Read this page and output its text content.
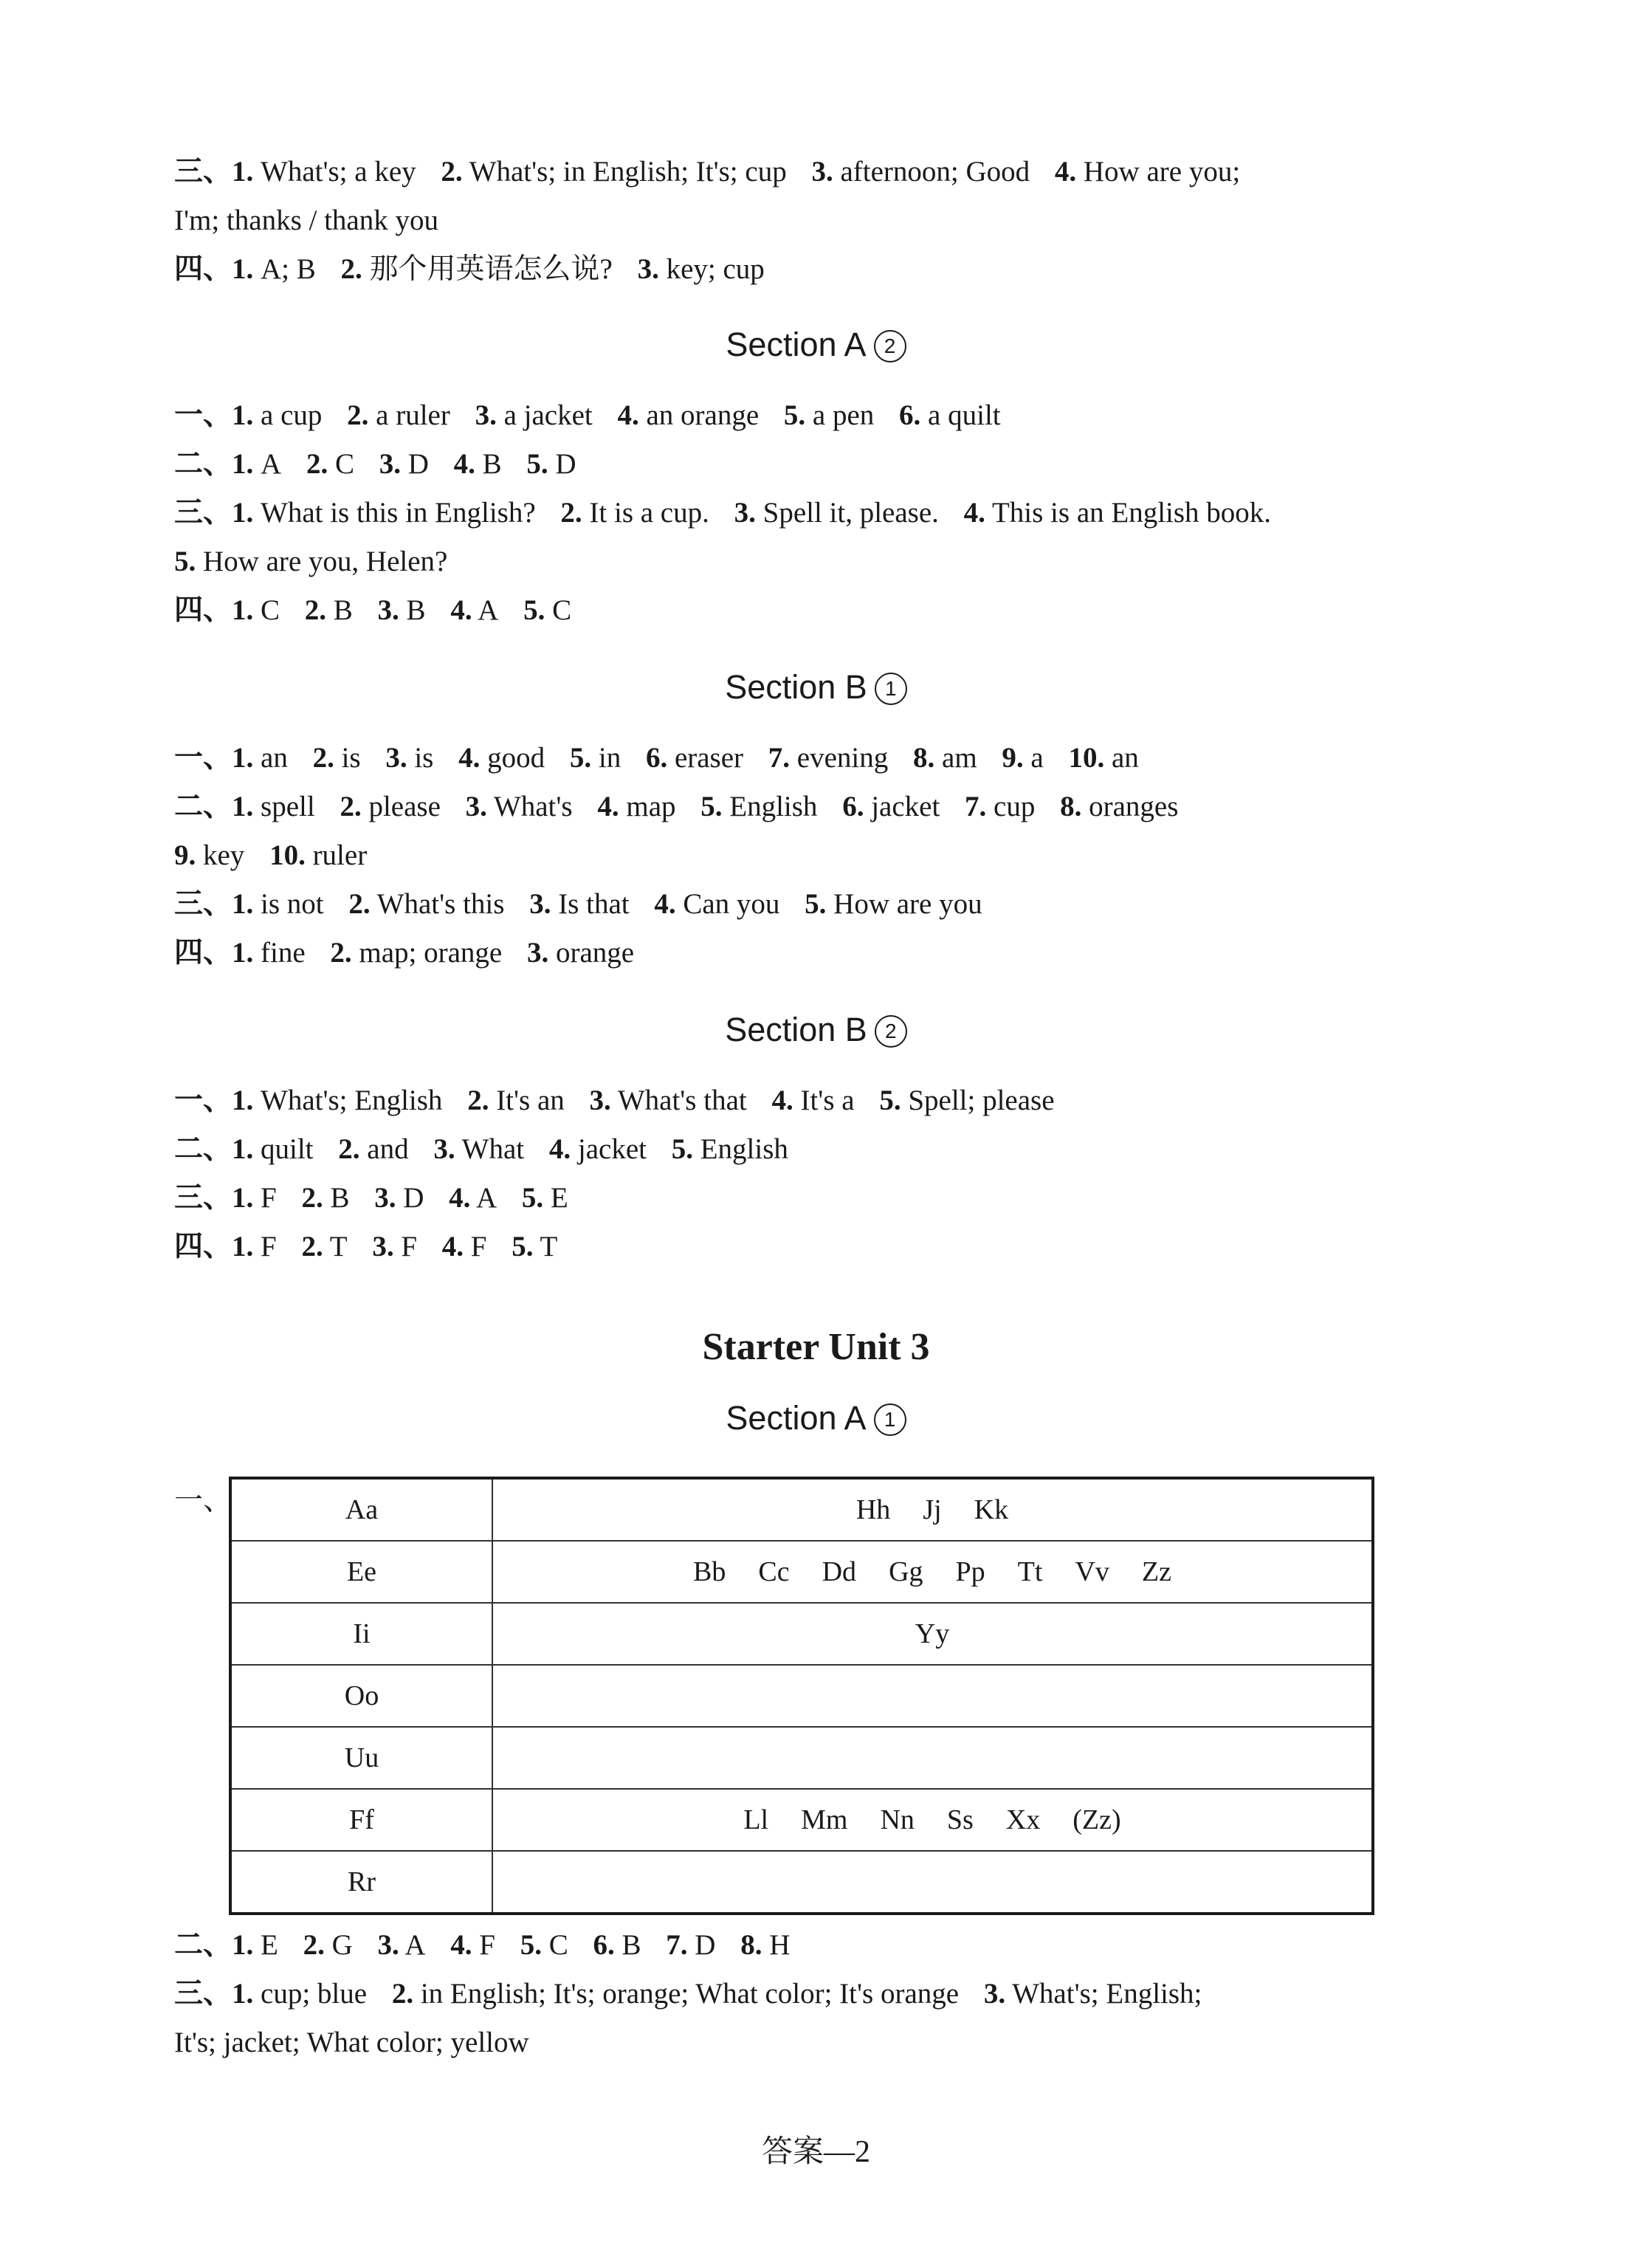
三、1. What's; a key 2. What's; in English; It's; cup 3. afternoon; Good 4. How are you;
I'm; thanks / thank you
四、1. A; B 2. 那个用英语怎么说? 3. key; cup
Section A 2
一、1. a cup 2. a ruler 3. a jacket 4. an orange 5. a pen 6. a quilt
二、1. A 2. C 3. D 4. B 5. D
三、1. What is this in English? 2. It is a cup. 3. Spell it, please. 4. This is an English book.
5. How are you, Helen?
四、1. C 2. B 3. B 4. A 5. C
Section B 1
一、1. an 2. is 3. is 4. good 5. in 6. eraser 7. evening 8. am 9. a 10. an
二、1. spell 2. please 3. What's 4. map 5. English 6. jacket 7. cup 8. oranges
9. key 10. ruler
三、1. is not 2. What's this 3. Is that 4. Can you 5. How are you
四、1. fine 2. map; orange 3. orange
Section B 2
一、1. What's; English 2. It's an 3. What's that 4. It's a 5. Spell; please
二、1. quilt 2. and 3. What 4. jacket 5. English
三、1. F 2. B 3. D 4. A 5. E
四、1. F 2. T 3. F 4. F 5. T
Starter Unit 3
Section A 1
一、	Aa	Hh Jj Kk
Ee	Bb Cc Dd Gg Pp Tt Vv Zz
Ii	Yy
Oo	
Uu	
Ff	Ll Mm Nn Ss Xx (Zz)
Rr	
二、1. E 2. G 3. A 4. F 5. C 6. B 7. D 8. H
三、1. cup; blue 2. in English; It's; orange; What color; It's orange 3. What's; English;
It's; jacket; What color; yellow
答案—2
